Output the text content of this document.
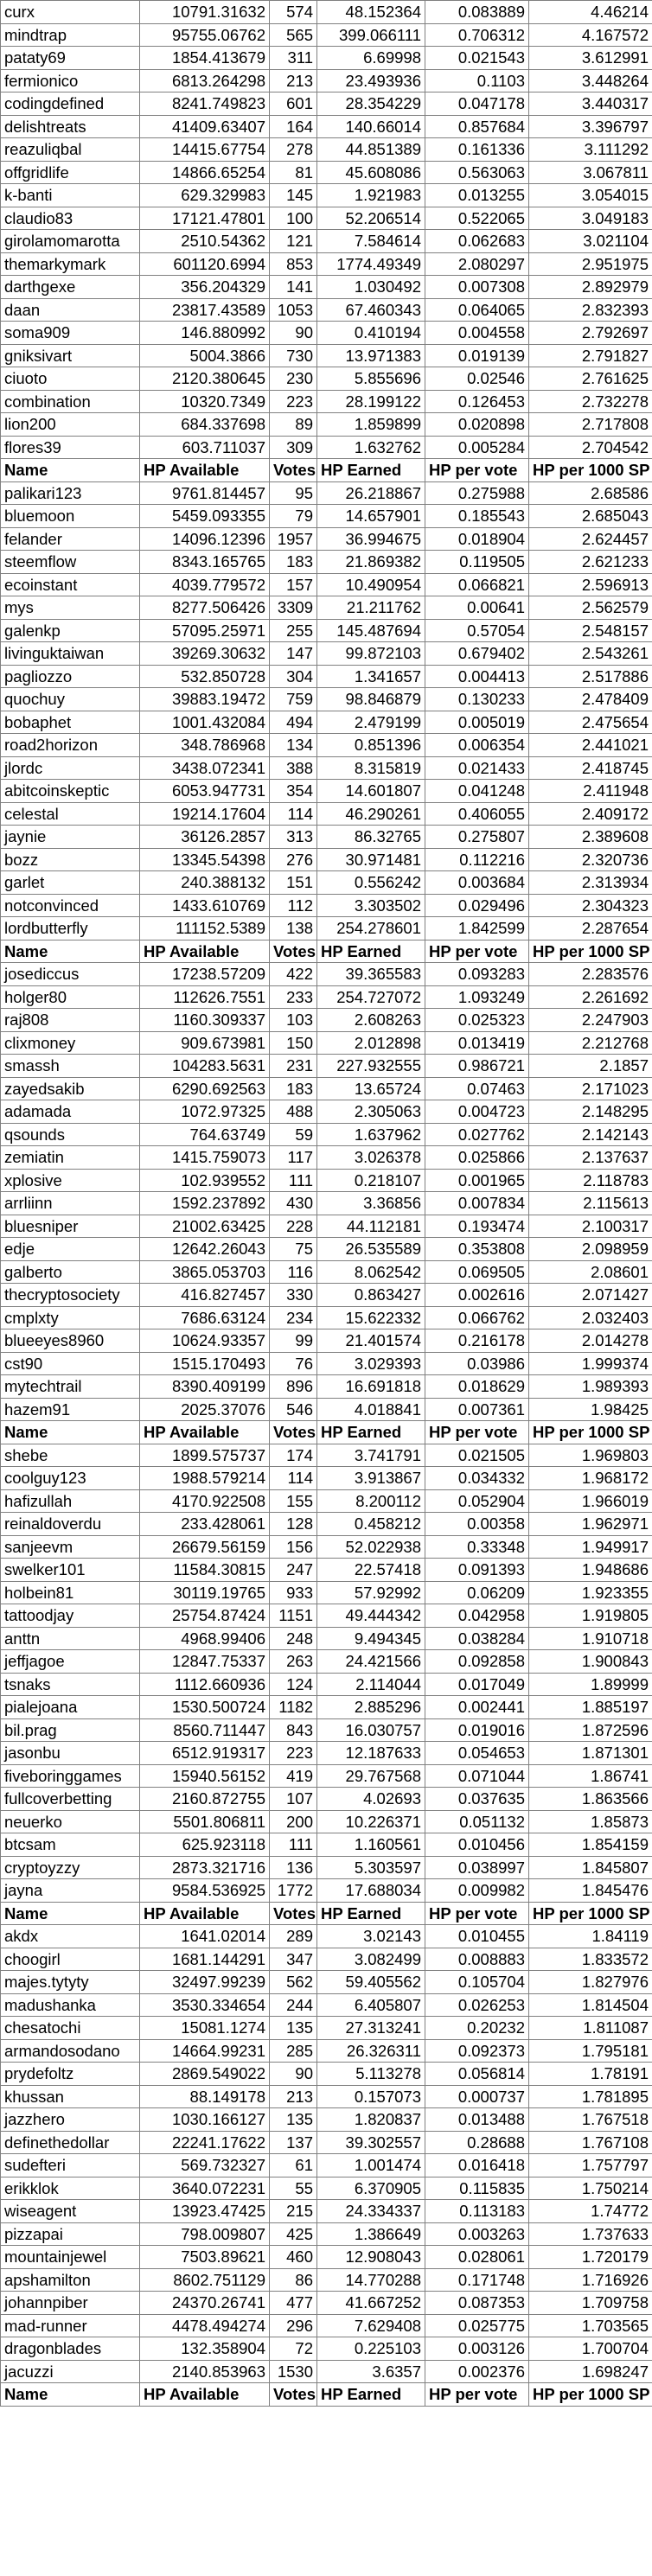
curx	10791.31632	574	48.152364	0.083889	4.46214
mindtrap	95755.06762	565	399.066111	0.706312	4.167572
pataty69	1854.413679	311	6.69998	0.021543	3.612991
fermionico	6813.264298	213	23.493936	0.1103	3.448264
codingdefined	8241.749823	601	28.354229	0.047178	3.440317
delishtreats	41409.63407	164	140.66014	0.857684	3.396797
reazuliqbal	14415.67754	278	44.851389	0.161336	3.111292
offgridlife	14866.65254	81	45.608086	0.563063	3.067811
k-banti	629.329983	145	1.921983	0.013255	3.054015
claudio83	17121.47801	100	52.206514	0.522065	3.049183
girolamomarotta	2510.54362	121	7.584614	0.062683	3.021104
themarkymark	601120.6994	853	1774.49349	2.080297	2.951975
darthgexe	356.204329	141	1.030492	0.007308	2.892979
daan	23817.43589	1053	67.460343	0.064065	2.832393
soma909	146.880992	90	0.410194	0.004558	2.792697
gniksivart	5004.3866	730	13.971383	0.019139	2.791827
ciuoto	2120.380645	230	5.855696	0.02546	2.761625
combination	10320.7349	223	28.199122	0.126453	2.732278
lion200	684.337698	89	1.859899	0.020898	2.717808
flores39	603.711037	309	1.632762	0.005284	2.704542
Name	HP Available	Votes	HP Earned	HP per vote	HP per 1000 SP
palikari123	9761.814457	95	26.218867	0.275988	2.68586
bluemoon	5459.093355	79	14.657901	0.185543	2.685043
felander	14096.12396	1957	36.994675	0.018904	2.624457
steemflow	8343.165765	183	21.869382	0.119505	2.621233
ecoinstant	4039.779572	157	10.490954	0.066821	2.596913
mys	8277.506426	3309	21.211762	0.00641	2.562579
galenkp	57095.25971	255	145.487694	0.57054	2.548157
livinguktaiwan	39269.30632	147	99.872103	0.679402	2.543261
pagliozzo	532.850728	304	1.341657	0.004413	2.517886
quochuy	39883.19472	759	98.846879	0.130233	2.478409
bobaphet	1001.432084	494	2.479199	0.005019	2.475654
road2horizon	348.786968	134	0.851396	0.006354	2.441021
jlordc	3438.072341	388	8.315819	0.021433	2.418745
abitcoinskeptic	6053.947731	354	14.601807	0.041248	2.411948
celestal	19214.17604	114	46.290261	0.406055	2.409172
jaynie	36126.2857	313	86.32765	0.275807	2.389608
bozz	13345.54398	276	30.971481	0.112216	2.320736
garlet	240.388132	151	0.556242	0.003684	2.313934
notconvinced	1433.610769	112	3.303502	0.029496	2.304323
lordbutterfly	111152.5389	138	254.278601	1.842599	2.287654
Name	HP Available	Votes	HP Earned	HP per vote	HP per 1000 SP
josediccus	17238.57209	422	39.365583	0.093283	2.283576
holger80	112626.7551	233	254.727072	1.093249	2.261692
raj808	1160.309337	103	2.608263	0.025323	2.247903
clixmoney	909.673981	150	2.012898	0.013419	2.212768
smassh	104283.5631	231	227.932555	0.986721	2.1857
zayedsakib	6290.692563	183	13.65724	0.07463	2.171023
adamada	1072.97325	488	2.305063	0.004723	2.148295
qsounds	764.63749	59	1.637962	0.027762	2.142143
zemiatin	1415.759073	117	3.026378	0.025866	2.137637
xplosive	102.939552	111	0.218107	0.001965	2.118783
arrliinn	1592.237892	430	3.36856	0.007834	2.115613
bluesniper	21002.63425	228	44.112181	0.193474	2.100317
edje	12642.26043	75	26.535589	0.353808	2.098959
galberto	3865.053703	116	8.062542	0.069505	2.08601
thecryptosociety	416.827457	330	0.863427	0.002616	2.071427
cmplxty	7686.63124	234	15.622332	0.066762	2.032403
blueeyes8960	10624.93357	99	21.401574	0.216178	2.014278
cst90	1515.170493	76	3.029393	0.03986	1.999374
mytechtrail	8390.409199	896	16.691818	0.018629	1.989393
hazem91	2025.37076	546	4.018841	0.007361	1.98425
Name	HP Available	Votes	HP Earned	HP per vote	HP per 1000 SP
shebe	1899.575737	174	3.741791	0.021505	1.969803
coolguy123	1988.579214	114	3.913867	0.034332	1.968172
hafizullah	4170.922508	155	8.200112	0.052904	1.966019
reinaldoverdu	233.428061	128	0.458212	0.00358	1.962971
sanjeevm	26679.56159	156	52.022938	0.33348	1.949917
swelker101	11584.30815	247	22.57418	0.091393	1.948686
holbein81	30119.19765	933	57.92992	0.06209	1.923355
tattoodjay	25754.87424	1151	49.444342	0.042958	1.919805
anttn	4968.99406	248	9.494345	0.038284	1.910718
jeffjagoe	12847.75337	263	24.421566	0.092858	1.900843
tsnaks	1112.660936	124	2.114044	0.017049	1.89999
pialejoana	1530.500724	1182	2.885296	0.002441	1.885197
bil.prag	8560.711447	843	16.030757	0.019016	1.872596
jasonbu	6512.919317	223	12.187633	0.054653	1.871301
fiveboringgames	15940.56152	419	29.767568	0.071044	1.86741
fullcoverbetting	2160.872755	107	4.02693	0.037635	1.863566
neuerko	5501.806811	200	10.226371	0.051132	1.85873
btcsam	625.923118	111	1.160561	0.010456	1.854159
cryptoyzzy	2873.321716	136	5.303597	0.038997	1.845807
jayna	9584.536925	1772	17.688034	0.009982	1.845476
Name	HP Available	Votes	HP Earned	HP per vote	HP per 1000 SP
akdx	1641.02014	289	3.02143	0.010455	1.84119
choogirl	1681.144291	347	3.082499	0.008883	1.833572
majes.tytyty	32497.99239	562	59.405562	0.105704	1.827976
madushanka	3530.334654	244	6.405807	0.026253	1.814504
chesatochi	15081.1274	135	27.313241	0.20232	1.811087
armandosodano	14664.99231	285	26.326311	0.092373	1.795181
prydefoltz	2869.549022	90	5.113278	0.056814	1.78191
khussan	88.149178	213	0.157073	0.000737	1.781895
jazzhero	1030.166127	135	1.820837	0.013488	1.767518
definethedollar	22241.17622	137	39.302557	0.28688	1.767108
sudefteri	569.732327	61	1.001474	0.016418	1.757797
erikklok	3640.072231	55	6.370905	0.115835	1.750214
wiseagent	13923.47425	215	24.334337	0.113183	1.74772
pizzapai	798.009807	425	1.386649	0.003263	1.737633
mountainjewel	7503.89621	460	12.908043	0.028061	1.720179
apshamilton	8602.751129	86	14.770288	0.171748	1.716926
johannpiber	24370.26741	477	41.667252	0.087353	1.709758
mad-runner	4478.494274	296	7.629408	0.025775	1.703565
dragonblades	132.358904	72	0.225103	0.003126	1.700704
jacuzzi	2140.853963	1530	3.6357	0.002376	1.698247
Name	HP Available	Votes	HP Earned	HP per vote	HP per 1000 SP
